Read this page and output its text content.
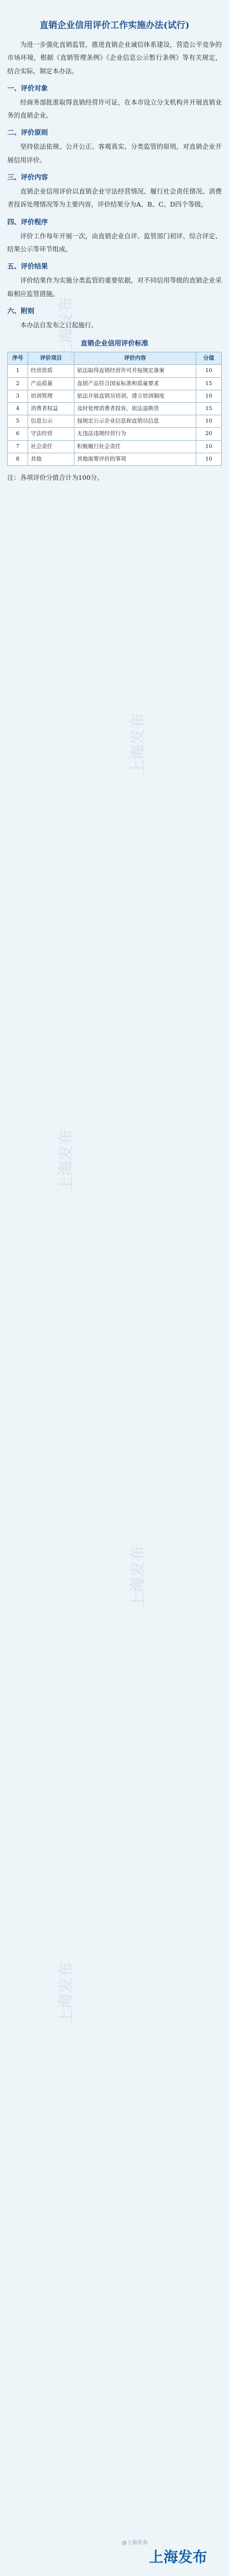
上海发布
上海发布
上海发布
上海发布
上海发布
直销企业信用评价工作实施办法(试行)

为进一步强化直销监管，推进直销企业诚信体系建设，营造公平竞争的市场环境，根据《直销管理条例》《企业信息公示暂行条例》等有关规定，结合实际，制定本办法。

一、评价对象

经商务部批准取得直销经营许可证，在本市设立分支机构并开展直销业务的直销企业。

二、评价原则

坚持依法依规、公开公正、客观真实、分类监管的原则，对直销企业开展信用评价。

三、评价内容

直销企业信用评价以直销企业守法经营情况、履行社会责任情况、消费者投诉处理情况等为主要内容，评价结果分为A、B、C、D四个等级。

四、评价程序

评价工作每年开展一次，由直销企业自评、监管部门初评、综合评定、结果公示等环节组成。

五、评价结果

评价结果作为实施分类监管的重要依据，对不同信用等级的直销企业采取相应监管措施。

六、附则

本办法自发布之日起施行。

直销企业信用评价标准
序号	评价项目	评价内容	分值
1	经营资质	依法取得直销经营许可并按规定备案	10
2	产品质量	直销产品符合国家标准和质量要求	15
3	培训管理	依法开展直销员培训，建立培训制度	10
4	消费者权益	及时处理消费者投诉，依法退换货	15
5	信息公示	按规定公示企业信息和直销员信息	10
6	守法经营	无违法违规经营行为	20
7	社会责任	积极履行社会责任	10
8	其他	其他需要评价的事项	10

注：各项评价分值合计为100分。

@上海发布
上海发布
